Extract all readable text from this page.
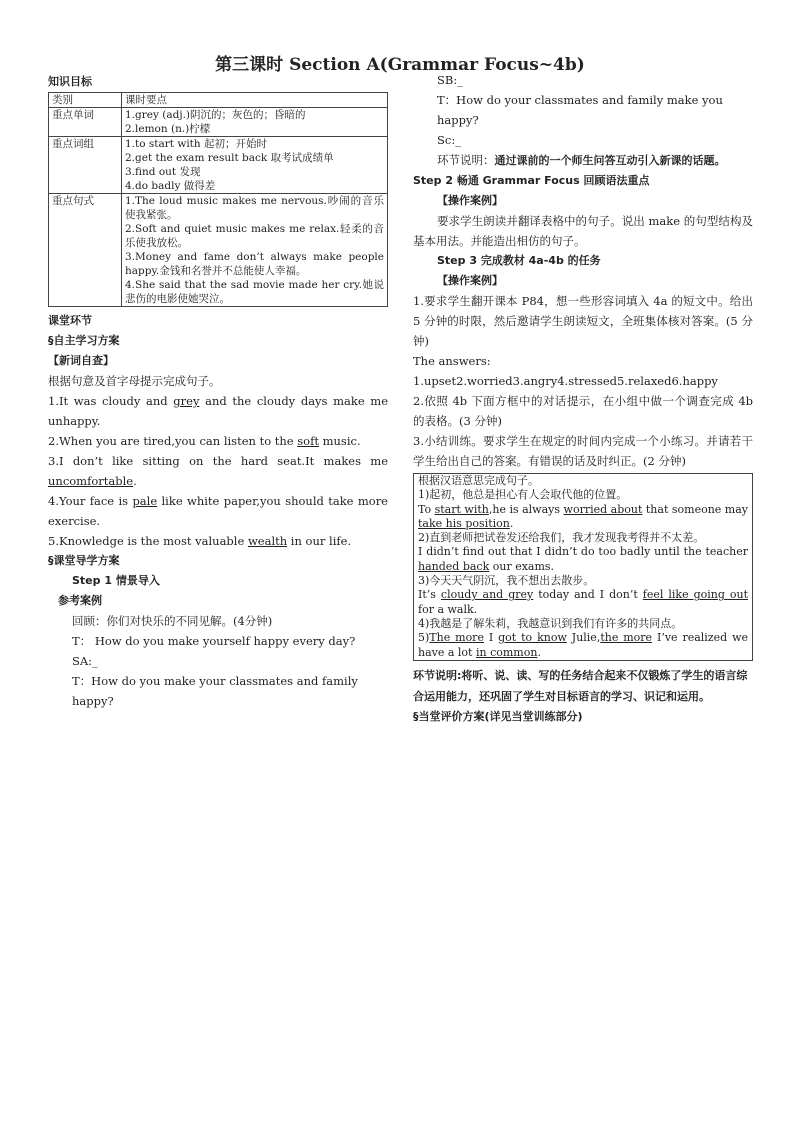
第三课时 Section A(Grammar Focus~4b)
知识目标
类别	课时要点
重点单词	1.grey (adj.)阴沉的；灰色的；昏暗的
2.lemon (n.)柠檬

重点词组	1.to start with 起初；开始时
2.get the exam result back 取考试成绩单
3.find out 发现
4.do badly 做得差

重点句式	1.The loud music makes me nervous.吵闹的音乐使我紧张。
2.Soft and quiet music makes me relax.轻柔的音乐使我放松。
3.Money and fame don’t always make people happy.金钱和名誉并不总能使人幸福。
4.She said that the sad movie made her cry.她说悲伤的电影使她哭泣。
课堂环节
§自主学习方案
【新词自查】
根据句意及首字母提示完成句子。
1.It was cloudy and grey and the cloudy days make me unhappy.
2.When you are tired,you can listen to the soft music.
3.I don’t like sitting on the hard seat.It makes me uncomfortable.
4.Your face is pale like white paper,you should take more exercise.
5.Knowledge is the most valuable wealth in our life.
§课堂导学方案
Step 1 情景导入
参考案例
回顾：你们对快乐的不同见解。(4分钟)
T： How do you make yourself happy every day?
SA:_
T：How do you make your classmates and family happy?
SB:_
T：How do your classmates and family make you happy?
Sc:_
环节说明：通过课前的一个师生问答互动引入新课的话题。
Step 2 畅通 Grammar Focus 回顾语法重点
【操作案例】
要求学生朗读并翻译表格中的句子。说出 make 的句型结构及基本用法。并能造出相仿的句子。
Step 3 完成教材 4a-4b 的任务
【操作案例】
1.要求学生翻开课本 P84，想一些形容词填入 4a 的短文中。给出 5 分钟的时限，然后邀请学生朗读短文，全班集体核对答案。(5 分钟)
The answers:
1.upset2.worried3.angry4.stressed5.relaxed6.happy
2.依照 4b 下面方框中的对话提示，在小组中做一个调查完成 4b 的表格。(3 分钟)
3.小结训练。要求学生在规定的时间内完成一个小练习。并请若干学生给出自己的答案。有错误的话及时纠正。(2 分钟)
根据汉语意思完成句子。
1)起初，他总是担心有人会取代他的位置。
To start with,he is always worried about that someone may take his position.
2)直到老师把试卷发还给我们，我才发现我考得并不太差。
I didn’t find out that I didn’t do too badly until the teacher handed back our exams.
3)今天天气阴沉，我不想出去散步。
It’s cloudy and grey today and I don’t feel like going out for a walk.
4)我越是了解朱莉，我越意识到我们有许多的共同点。
5)The more I got to know Julie,the more I’ve realized we have a lot in common.
环节说明:将听、说、读、写的任务结合起来不仅锻炼了学生的语言综合运用能力，还巩固了学生对目标语言的学习、识记和运用。
§当堂评价方案(详见当堂训练部分)
